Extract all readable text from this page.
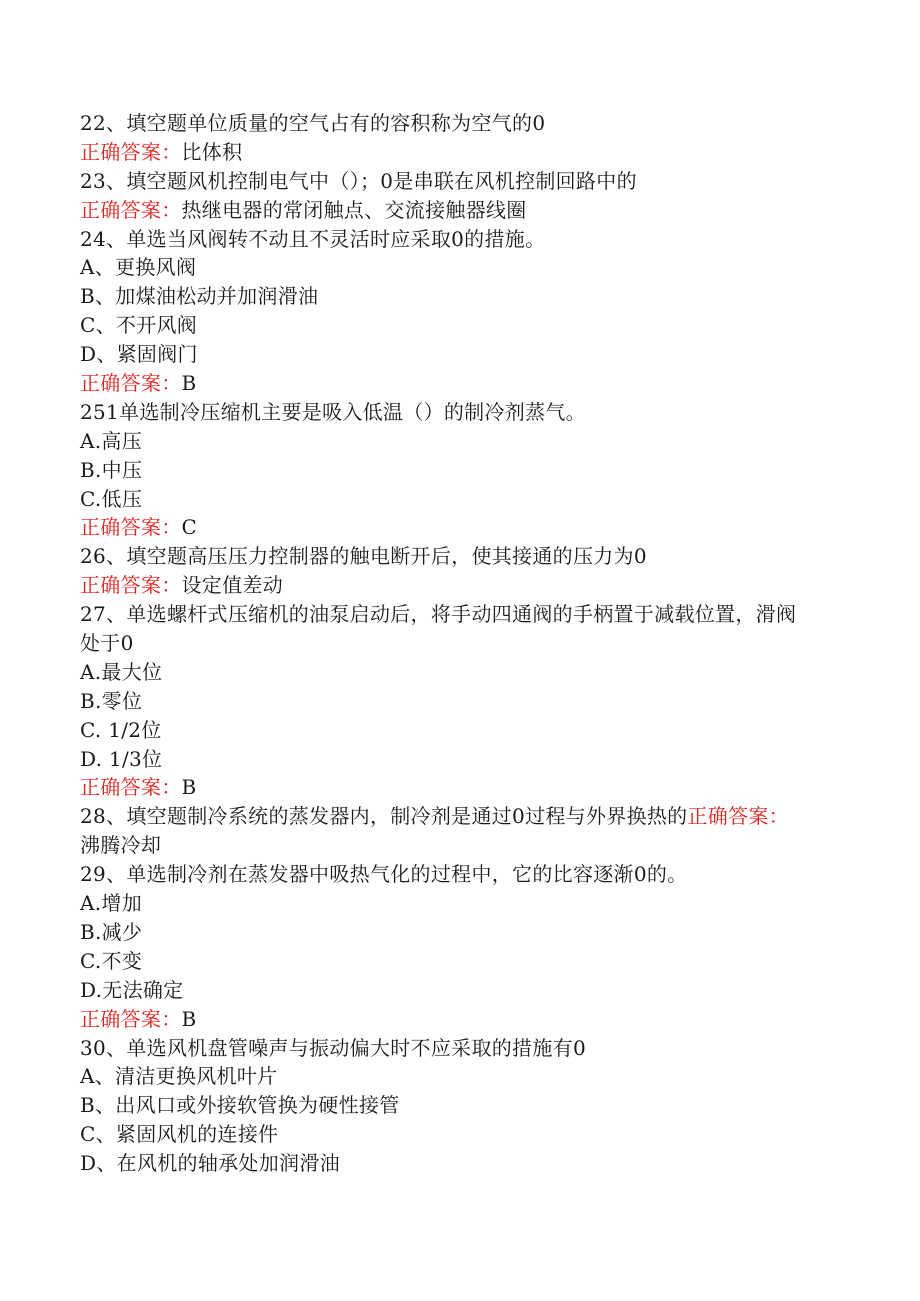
22、填空题单位质量的空气占有的容积称为空气的0
正确答案：比体积
23、填空题风机控制电气中（）；0是串联在风机控制回路中的
正确答案：热继电器的常闭触点、交流接触器线圈
24、单选当风阀转不动且不灵活时应采取0的措施。
A、更换风阀
B、加煤油松动并加润滑油
C、不开风阀
D、紧固阀门
正确答案：B
251单选制冷压缩机主要是吸入低温（）的制冷剂蒸气。
A.高压
B.中压
C.低压
正确答案：C
26、填空题高压压力控制器的触电断开后，使其接通的压力为0
正确答案：设定值差动
27、单选螺杆式压缩机的油泵启动后，将手动四通阀的手柄置于减载位置，滑阀
处于0
A.最大位
B.零位
C. 1/2位
D. 1/3位
正确答案：B
28、填空题制冷系统的蒸发器内，制冷剂是通过0过程与外界换热的正确答案：
沸腾冷却
29、单选制冷剂在蒸发器中吸热气化的过程中，它的比容逐渐0的。
A.增加
B.减少
C.不变
D.无法确定
正确答案：B
30、单选风机盘管噪声与振动偏大时不应采取的措施有0
A、清洁更换风机叶片
B、出风口或外接软管换为硬性接管
C、紧固风机的连接件
D、在风机的轴承处加润滑油
